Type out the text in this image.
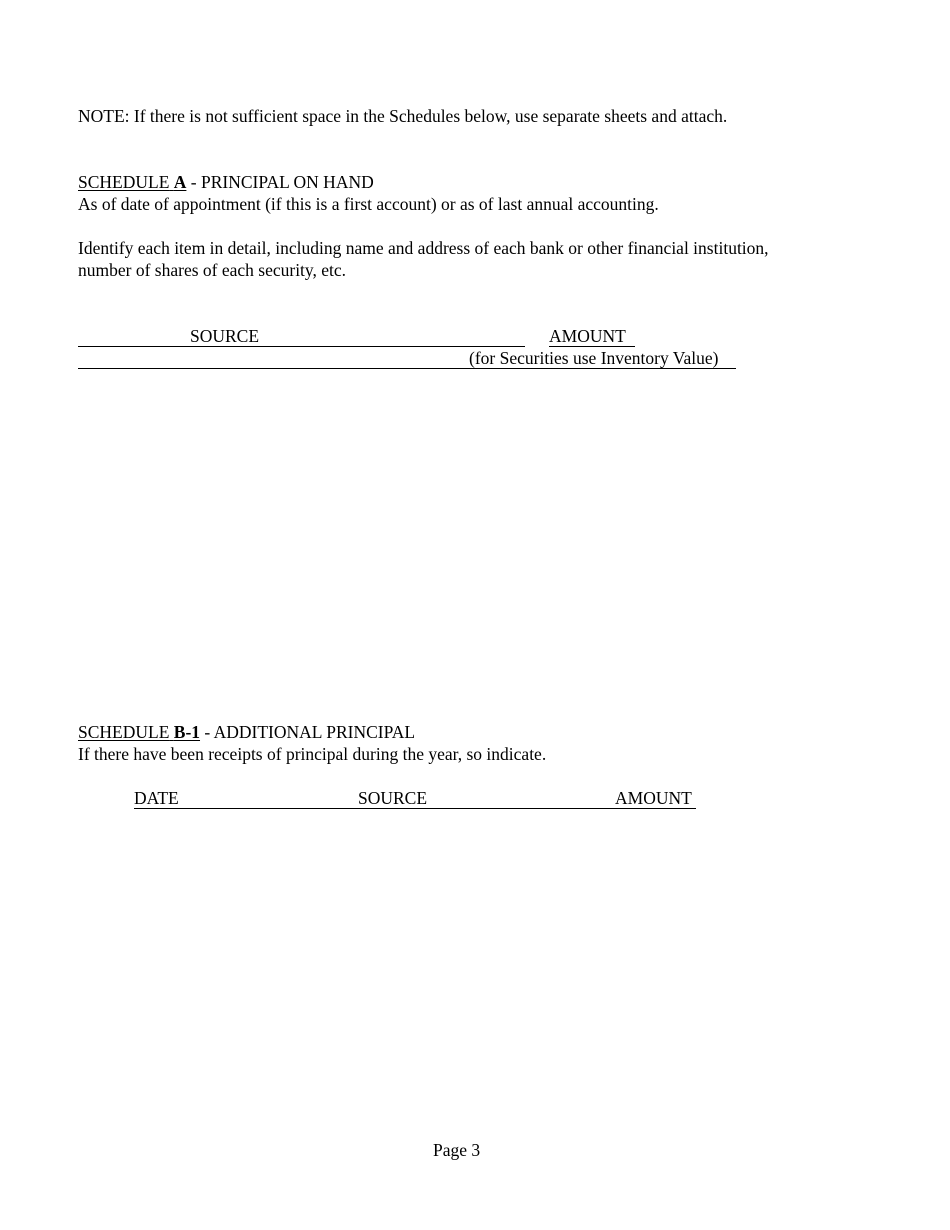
NOTE: If there is not sufficient space in the Schedules below, use separate sheets and attach.
SCHEDULE A - PRINCIPAL ON HAND
As of date of appointment (if this is a first account) or as of last annual accounting.
Identify each item in detail, including name and address of each bank or other financial institution,
number of shares of each security, etc.
SOURCE	AMOUNT
(for Securities use Inventory Value)
SCHEDULE B-1 - ADDITIONAL PRINCIPAL
If there have been receipts of principal during the year, so indicate.
DATE	SOURCE	AMOUNT
Page 3
